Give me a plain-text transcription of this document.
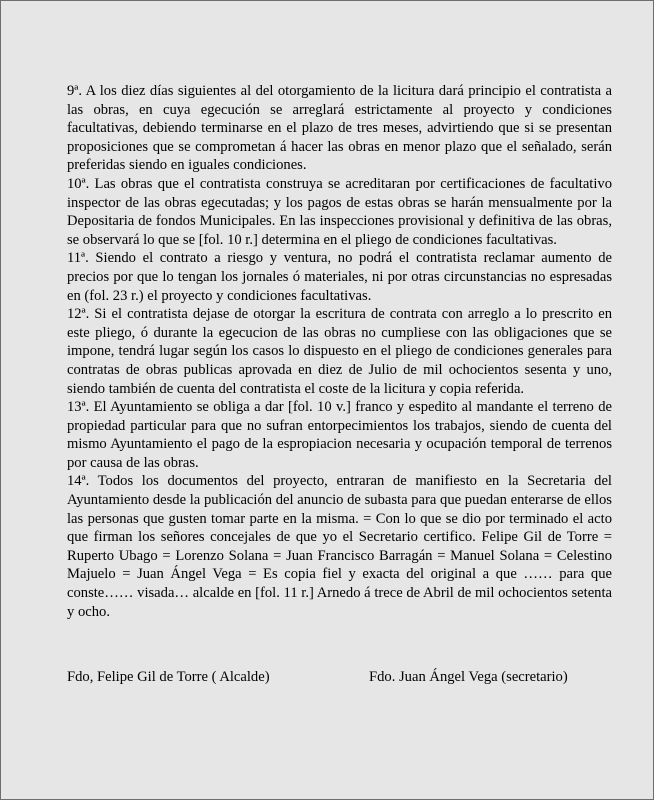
9ª. A los diez días siguientes al del otorgamiento de la licitura dará principio el contratista a las obras, en cuya egecución se arreglará estrictamente al proyecto y condiciones facultativas, debiendo terminarse en el plazo de tres meses, advirtiendo que si se presentan proposiciones que se comprometan á hacer las obras en menor plazo que el señalado, serán preferidas siendo en iguales condiciones.

10ª. Las obras que el contratista construya se acreditaran por certificaciones de facultativo inspector de las obras egecutadas; y los pagos de estas obras se harán mensualmente por la Depositaria de fondos Municipales. En las inspecciones provisional y definitiva de las obras, se observará lo que se [fol. 10 r.] determina en el pliego de condiciones facultativas.

11ª. Siendo el contrato a riesgo y ventura, no podrá el contratista reclamar aumento de precios por que lo tengan los jornales ó materiales, ni por otras circunstancias no espresadas en (fol. 23 r.) el proyecto y condiciones facultativas.

12ª. Si el contratista dejase de otorgar la escritura de contrata con arreglo a lo prescrito en este pliego, ó durante la egecucion de las obras no cumpliese con las obligaciones que se impone, tendrá lugar según los casos lo dispuesto en el pliego de condiciones generales para contratas de obras publicas aprovada en diez de Julio de mil ochocientos sesenta y uno, siendo también de cuenta del contratista el coste de la licitura y copia referida.

13ª. El Ayuntamiento se obliga a dar [fol. 10 v.] franco y espedito al mandante el terreno de propiedad particular para que no sufran entorpecimientos los trabajos, siendo de cuenta del mismo Ayuntamiento el pago de la espropiacion necesaria y ocupación temporal de terrenos por causa de las obras.

14ª. Todos los documentos del proyecto, entraran de manifiesto en la Secretaria del Ayuntamiento desde la publicación del anuncio de subasta para que puedan enterarse de ellos las personas que gusten tomar parte en la misma. = Con lo que se dio por terminado el acto que firman los señores concejales de que yo el Secretario certifico. Felipe Gil de Torre = Ruperto Ubago = Lorenzo Solana = Juan Francisco Barragán = Manuel Solana = Celestino Majuelo = Juan Ángel Vega = Es copia fiel y exacta del original a que …… para que conste…… visada… alcalde en [fol. 11 r.] Arnedo á trece de Abril de mil ochocientos setenta y ocho.

Fdo, Felipe Gil de Torre ( Alcalde)	Fdo. Juan Ángel Vega (secretario)
